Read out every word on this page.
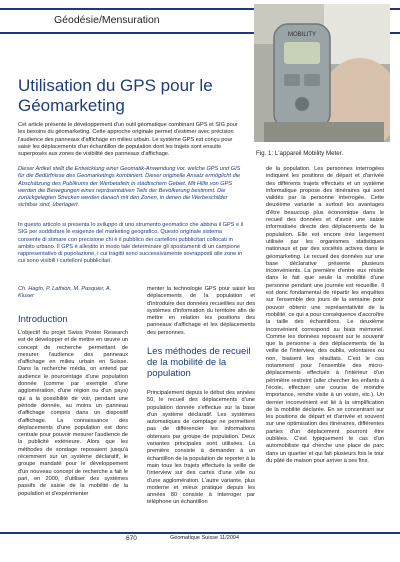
Géodésie/Mensuration
MOBILITY
Fig. 1: L'appareil Mobility Meter.
Utilisation du GPS pour le Géomarketing

Cet article présente le développement d'un outil géomatique combinant GPS et SIG pour les besoins du géomarketing. Cette approche originale permet d'estimer avec précision l'audience des panneaux d'affichage en milieu urbain. Le système GPS est conçu pour saisir les déplacements d'un échantillon de population dont les trajets sont ensuite superposés aux zones de visibilité des panneaux d'affichage.

Dieser Artikel stellt die Entwicklung einer Geomatik-Anwendung vor, welche GPS und GIS für die Bedürfnisse des Geomarketings kombiniert. Dieser originelle Ansatz ermöglicht die Abschätzung des Publikums der Werbetafeln in städtischem Gebiet. Mit Hilfe von GPS werden die Bewegungen eines repräsentativen Teils der Bevölkerung bestimmt. Die zurückgelegten Strecken werden danach mit den Zonen, in denen die Werbeschilder sichtbar sind, überlagert.

In questo articolo si presenta lo sviluppo di uno strumento geomatico che abbina il GPS e il SIG per soddisfare le esigenze del marketing geografico. Questo originale sistema consente di stimare con precisione chi è il pubblico dei cartelloni pubblicitari collocati in ambito urbano. Il GPS è allestito in modo tale determinare gli spostamenti di un campione rappresentativo di popolazione, i cui tragitti sono successivamente sovrapposti alle zone in cui sono visibili i cartelloni pubblicitari.

Ch. Hagin, P. Lathion, M. Pasquier, A. Kluser

Introduction

L'objectif du projet Swiss Poster Research est de développer et de mettre en œuvre un concept de recherche permettant de mesurer l'audience des panneaux d'affichage en milieu urbain en Suisse. Dans la recherche média, on entend par audience le pourcentage d'une population donnée (comme par exemple d'une agglomération, d'une région ou d'un pays) qui a la possibilité de voir, pendant une période donnée, au moins un panneau d'affichage compris dans un dispositif d'affichage. La connaissance des déplacements d'une population est donc centrale pour pouvoir mesurer l'audience de la publicité extérieure. Alors que les méthodes de sondage reposaient jusqu'à récemment sur un système déclaratif, le groupe mandaté pour le développement d'un nouveau concept de recherche a fait le pari, en 2000, d'utiliser des systèmes passifs de saisie de la mobilité de la population et d'expérimenter

menter la technologie GPS pour saisir les déplacements de la population et d'introduire des données recueillies sur des systèmes d'information du territoire afin de mettre en relation les positions des panneaux d'affichage et les déplacements des personnes.

Les méthodes de recueil de la mobilité de la population

Principalement depuis le début des années 50, le recueil des déplacements d'une population donnée s'effectue sur la base d'un système déclaratif. Les systèmes automatiques de comptage ne permettent pas de différencier les informations obtenues par groupe de population. Deux variantes principales sont utilisées. La première consiste à demander à un échantillon de la population de reporter à la main tous les trajets effectués la veille de l'interview sur des cartes d'une ville ou d'une agglomération. L'autre variante, plus moderne et mieux pratique depuis les années 80 consiste à interroger par téléphone un échantillon

de la population. Les personnes interrogées indiquent les positions de départ et d'arrivée des différents trajets effectués et un système informatique propose des itinéraires qui sont validés par la personne interrogée. Cette deuxième variante a surtout les avantages d'être beaucoup plus économique dans le recueil des données et d'avoir une saisie informatisée directe des déplacements de la population. Elle est encore très largement utilisée par les organismes statistiques nationaux et par des sociétés actives dans le géomarketing. Le recueil des données sur une base déclarative présente plusieurs inconvénients. La première d'entre eux réside dans le fait que seule la mobilité d'une personne pendant une journée est recueillie. Il est donc fondamental de répartir les enquêtes sur l'ensemble des jours de la semaine pour pouvoir obtenir une représentativité de la mobilité, ce qui a pour conséquence d'accroître la taille des échantillons. Le deuxième inconvénient correspond au biais mémoriel. Comme les données reposent sur le souvenir que la personne a des déplacements de la veille de l'interview, des oublis, volontaires ou non, biaisent les résultats. C'est le cas notamment pour l'ensemble des micro-déplacements effectués à l'intérieur d'un périmètre restreint (aller chercher les enfants à l'école, effectuer une course de moindre importance, rendre visite à un voisin, etc.). Un dernier inconvénient est lié à la simplification de la mobilité déclarée. En se concentrant sur les positions de départ et d'arrivée et souvent sur une optimisation des itinéraires, différentes parties d'un déplacement pourront être oubliées. C'est typiquement le cas d'un automobiliste qui cherche une place de parc dans un quartier et qui fait plusieurs fois le tour du pâté de maison pour arriver à ses fins.

670	Géomatique Suisse 11/2004
